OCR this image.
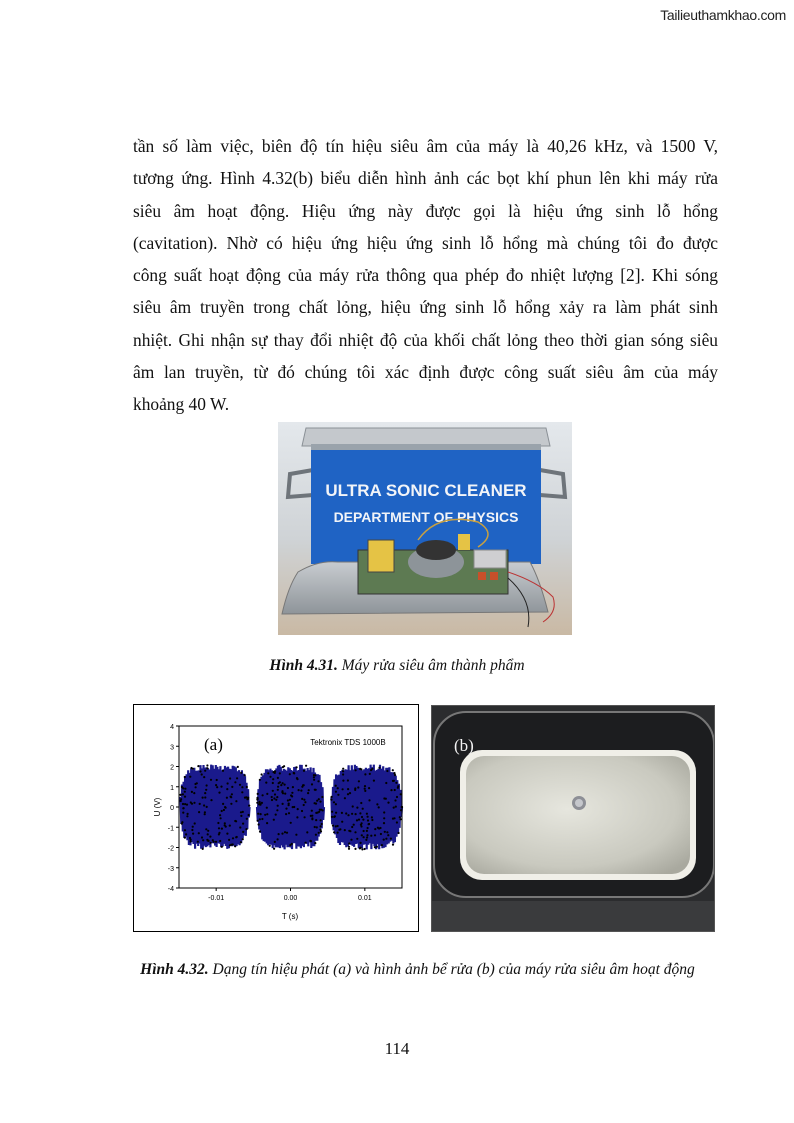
Tailieuthamkhao.com
tần số làm việc, biên độ tín hiệu siêu âm của máy là 40,26 kHz, và 1500 V,
tương ứng. Hình 4.32(b) biểu diễn hình ảnh các bọt khí phun lên khi máy rửa
siêu âm hoạt động. Hiệu ứng này được gọi là hiệu ứng sinh lỗ hổng
(cavitation). Nhờ có hiệu ứng hiệu ứng sinh lỗ hổng mà chúng tôi đo được
công suất hoạt động của máy rửa thông qua phép đo nhiệt lượng [2]. Khi sóng
siêu âm truyền trong chất lỏng, hiệu ứng sinh lỗ hổng xảy ra làm phát sinh
nhiệt. Ghi nhận sự thay đổi nhiệt độ của khối chất lỏng theo thời gian sóng siêu
âm lan truyền, từ đó chúng tôi xác định được công suất siêu âm của máy
khoảng 40 W.
ULTRA SONIC CLEANER
DEPARTMENT OF PHYSICS
Hình 4.31. Máy rửa siêu âm thành phẩm
-4
-3
-2
-1
0
1
2
3
4
-0.01	0.00	0.01
(a)	Tektronix TDS 1000B
T (s)
U (V)
(b)
Hình 4.32. Dạng tín hiệu phát (a) và hình ảnh bể rửa (b) của máy rửa siêu âm hoạt động
114
